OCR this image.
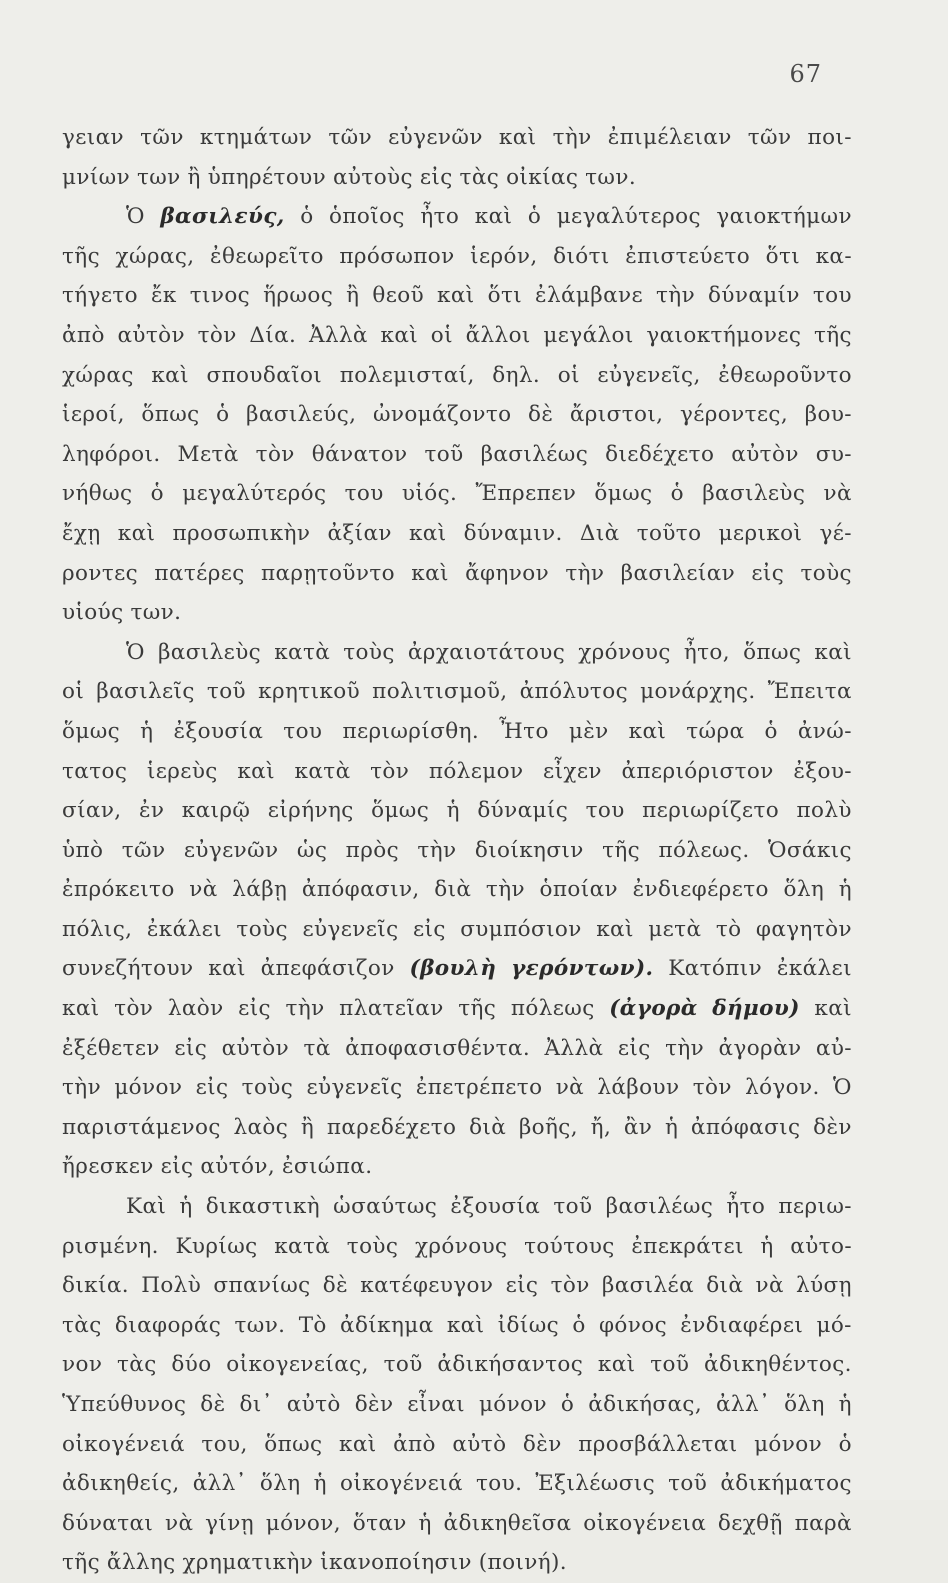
67
γειαν τῶν κτημάτων τῶν εὐγενῶν καὶ τὴν ἐπιμέλειαν τῶν ποι-
μνίων των ἢ ὑπηρέτουν αὐτοὺς εἰς τὰς οἰκίας των.
Ὁ βασιλεύς, ὁ ὁποῖος ἦτο καὶ ὁ μεγαλύτερος γαιοκτήμων
τῆς χώρας, ἐθεωρεῖτο πρόσωπον ἱερόν, διότι ἐπιστεύετο ὅτι κα-
τήγετο ἔκ τινος ἥρωος ἢ θεοῦ καὶ ὅτι ἐλάμβανε τὴν δύναμίν του
ἀπὸ αὐτὸν τὸν Δία. Ἀλλὰ καὶ οἱ ἄλλοι μεγάλοι γαιοκτήμονες τῆς
χώρας καὶ σπουδαῖοι πολεμισταί, δηλ. οἱ εὐγενεῖς, ἐθεωροῦντο
ἱεροί, ὅπως ὁ βασιλεύς, ὠνομάζοντο δὲ ἄριστοι, γέροντες, βου-
ληφόροι. Μετὰ τὸν θάνατον τοῦ βασιλέως διεδέχετο αὐτὸν συ-
νήθως ὁ μεγαλύτερός του υἱός. Ἔπρεπεν ὅμως ὁ βασιλεὺς νὰ
ἔχῃ καὶ προσωπικὴν ἀξίαν καὶ δύναμιν. Διὰ τοῦτο μερικοὶ γέ-
ροντες πατέρες παρῃτοῦντο καὶ ἄφηνον τὴν βασιλείαν εἰς τοὺς
υἱούς των.
Ὁ βασιλεὺς κατὰ τοὺς ἀρχαιοτάτους χρόνους ἦτο, ὅπως καὶ
οἱ βασιλεῖς τοῦ κρητικοῦ πολιτισμοῦ, ἀπόλυτος μονάρχης. Ἔπειτα
ὅμως ἡ ἐξουσία του περιωρίσθη. Ἦτο μὲν καὶ τώρα ὁ ἀνώ-
τατος ἱερεὺς καὶ κατὰ τὸν πόλεμον εἶχεν ἀπεριόριστον ἐξου-
σίαν, ἐν καιρῷ εἰρήνης ὅμως ἡ δύναμίς του περιωρίζετο πολὺ
ὑπὸ τῶν εὐγενῶν ὡς πρὸς τὴν διοίκησιν τῆς πόλεως. Ὁσάκις
ἐπρόκειτο νὰ λάβῃ ἀπόφασιν, διὰ τὴν ὁποίαν ἐνδιεφέρετο ὅλη ἡ
πόλις, ἐκάλει τοὺς εὐγενεῖς εἰς συμπόσιον καὶ μετὰ τὸ φαγητὸν
συνεζήτουν καὶ ἀπεφάσιζον (βουλὴ γερόντων). Κατόπιν ἐκάλει
καὶ τὸν λαὸν εἰς τὴν πλατεῖαν τῆς πόλεως (ἀγορὰ δήμου) καὶ
ἐξέθετεν εἰς αὐτὸν τὰ ἀποφασισθέντα. Ἀλλὰ εἰς τὴν ἀγορὰν αὐ-
τὴν μόνον εἰς τοὺς εὐγενεῖς ἐπετρέπετο νὰ λάβουν τὸν λόγον. Ὁ
παριστάμενος λαὸς ἢ παρεδέχετο διὰ βοῆς, ἤ, ἂν ἡ ἀπόφασις δὲν
ἤρεσκεν εἰς αὐτόν, ἐσιώπα.
Καὶ ἡ δικαστικὴ ὡσαύτως ἐξουσία τοῦ βασιλέως ἦτο περιω-
ρισμένη. Κυρίως κατὰ τοὺς χρόνους τούτους ἐπεκράτει ἡ αὐτο-
δικία. Πολὺ σπανίως δὲ κατέφευγον εἰς τὸν βασιλέα διὰ νὰ λύσῃ
τὰς διαφοράς των. Τὸ ἀδίκημα καὶ ἰδίως ὁ φόνος ἐνδιαφέρει μό-
νον τὰς δύο οἰκογενείας, τοῦ ἀδικήσαντος καὶ τοῦ ἀδικηθέντος.
Ὑπεύθυνος δὲ δι᾽ αὐτὸ δὲν εἶναι μόνον ὁ ἀδικήσας, ἀλλ᾽ ὅλη ἡ
οἰκογένειά του, ὅπως καὶ ἀπὸ αὐτὸ δὲν προσβάλλεται μόνον ὁ
ἀδικηθείς, ἀλλ᾽ ὅλη ἡ οἰκογένειά του. Ἐξιλέωσις τοῦ ἀδικήματος
δύναται νὰ γίνῃ μόνον, ὅταν ἡ ἀδικηθεῖσα οἰκογένεια δεχθῇ παρὰ
τῆς ἄλλης χρηματικὴν ἱκανοποίησιν (ποινή).
